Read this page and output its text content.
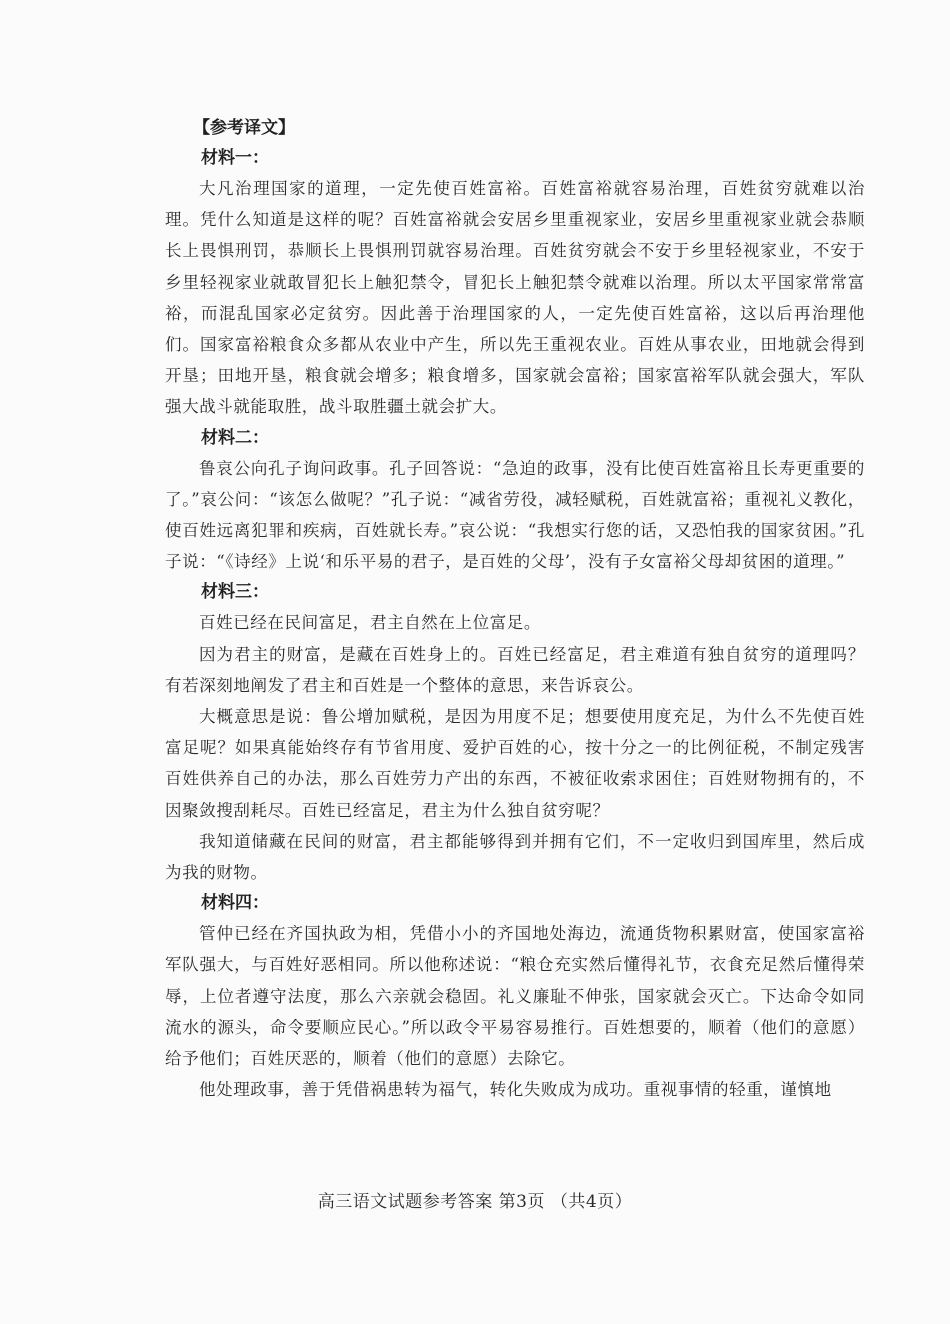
【参考译文】

材料一：

大凡治理国家的道理，一定先使百姓富裕。百姓富裕就容易治理，百姓贫穷就难以治理。凭什么知道是这样的呢？百姓富裕就会安居乡里重视家业，安居乡里重视家业就会恭顺长上畏惧刑罚，恭顺长上畏惧刑罚就容易治理。百姓贫穷就会不安于乡里轻视家业，不安于乡里轻视家业就敢冒犯长上触犯禁令，冒犯长上触犯禁令就难以治理。所以太平国家常常富裕，而混乱国家必定贫穷。因此善于治理国家的人，一定先使百姓富裕，这以后再治理他们。国家富裕粮食众多都从农业中产生，所以先王重视农业。百姓从事农业，田地就会得到开垦；田地开垦，粮食就会增多；粮食增多，国家就会富裕；国家富裕军队就会强大，军队强大战斗就能取胜，战斗取胜疆土就会扩大。

材料二：

鲁哀公向孔子询问政事。孔子回答说：“急迫的政事，没有比使百姓富裕且长寿更重要的了。”哀公问：“该怎么做呢？”孔子说：“减省劳役，减轻赋税，百姓就富裕；重视礼义教化，使百姓远离犯罪和疾病，百姓就长寿。”哀公说：“我想实行您的话，又恐怕我的国家贫困。”孔子说：“《诗经》上说‘和乐平易的君子，是百姓的父母’，没有子女富裕父母却贫困的道理。”

材料三：

百姓已经在民间富足，君主自然在上位富足。

因为君主的财富，是藏在百姓身上的。百姓已经富足，君主难道有独自贫穷的道理吗？有若深刻地阐发了君主和百姓是一个整体的意思，来告诉哀公。

大概意思是说：鲁公增加赋税，是因为用度不足；想要使用度充足，为什么不先使百姓富足呢？如果真能始终存有节省用度、爱护百姓的心，按十分之一的比例征税，不制定残害百姓供养自己的办法，那么百姓劳力产出的东西，不被征收索求困住；百姓财物拥有的，不因聚敛搜刮耗尽。百姓已经富足，君主为什么独自贫穷呢？

我知道储藏在民间的财富，君主都能够得到并拥有它们，不一定收归到国库里，然后成为我的财物。

材料四：

管仲已经在齐国执政为相，凭借小小的齐国地处海边，流通货物积累财富，使国家富裕军队强大，与百姓好恶相同。所以他称述说：“粮仓充实然后懂得礼节，衣食充足然后懂得荣辱，上位者遵守法度，那么六亲就会稳固。礼义廉耻不伸张，国家就会灭亡。下达命令如同流水的源头，命令要顺应民心。”所以政令平易容易推行。百姓想要的，顺着（他们的意愿）给予他们；百姓厌恶的，顺着（他们的意愿）去除它。

他处理政事，善于凭借祸患转为福气，转化失败成为成功。重视事情的轻重，谨慎地

高三语文试题参考答案 第3页 （共4页）
